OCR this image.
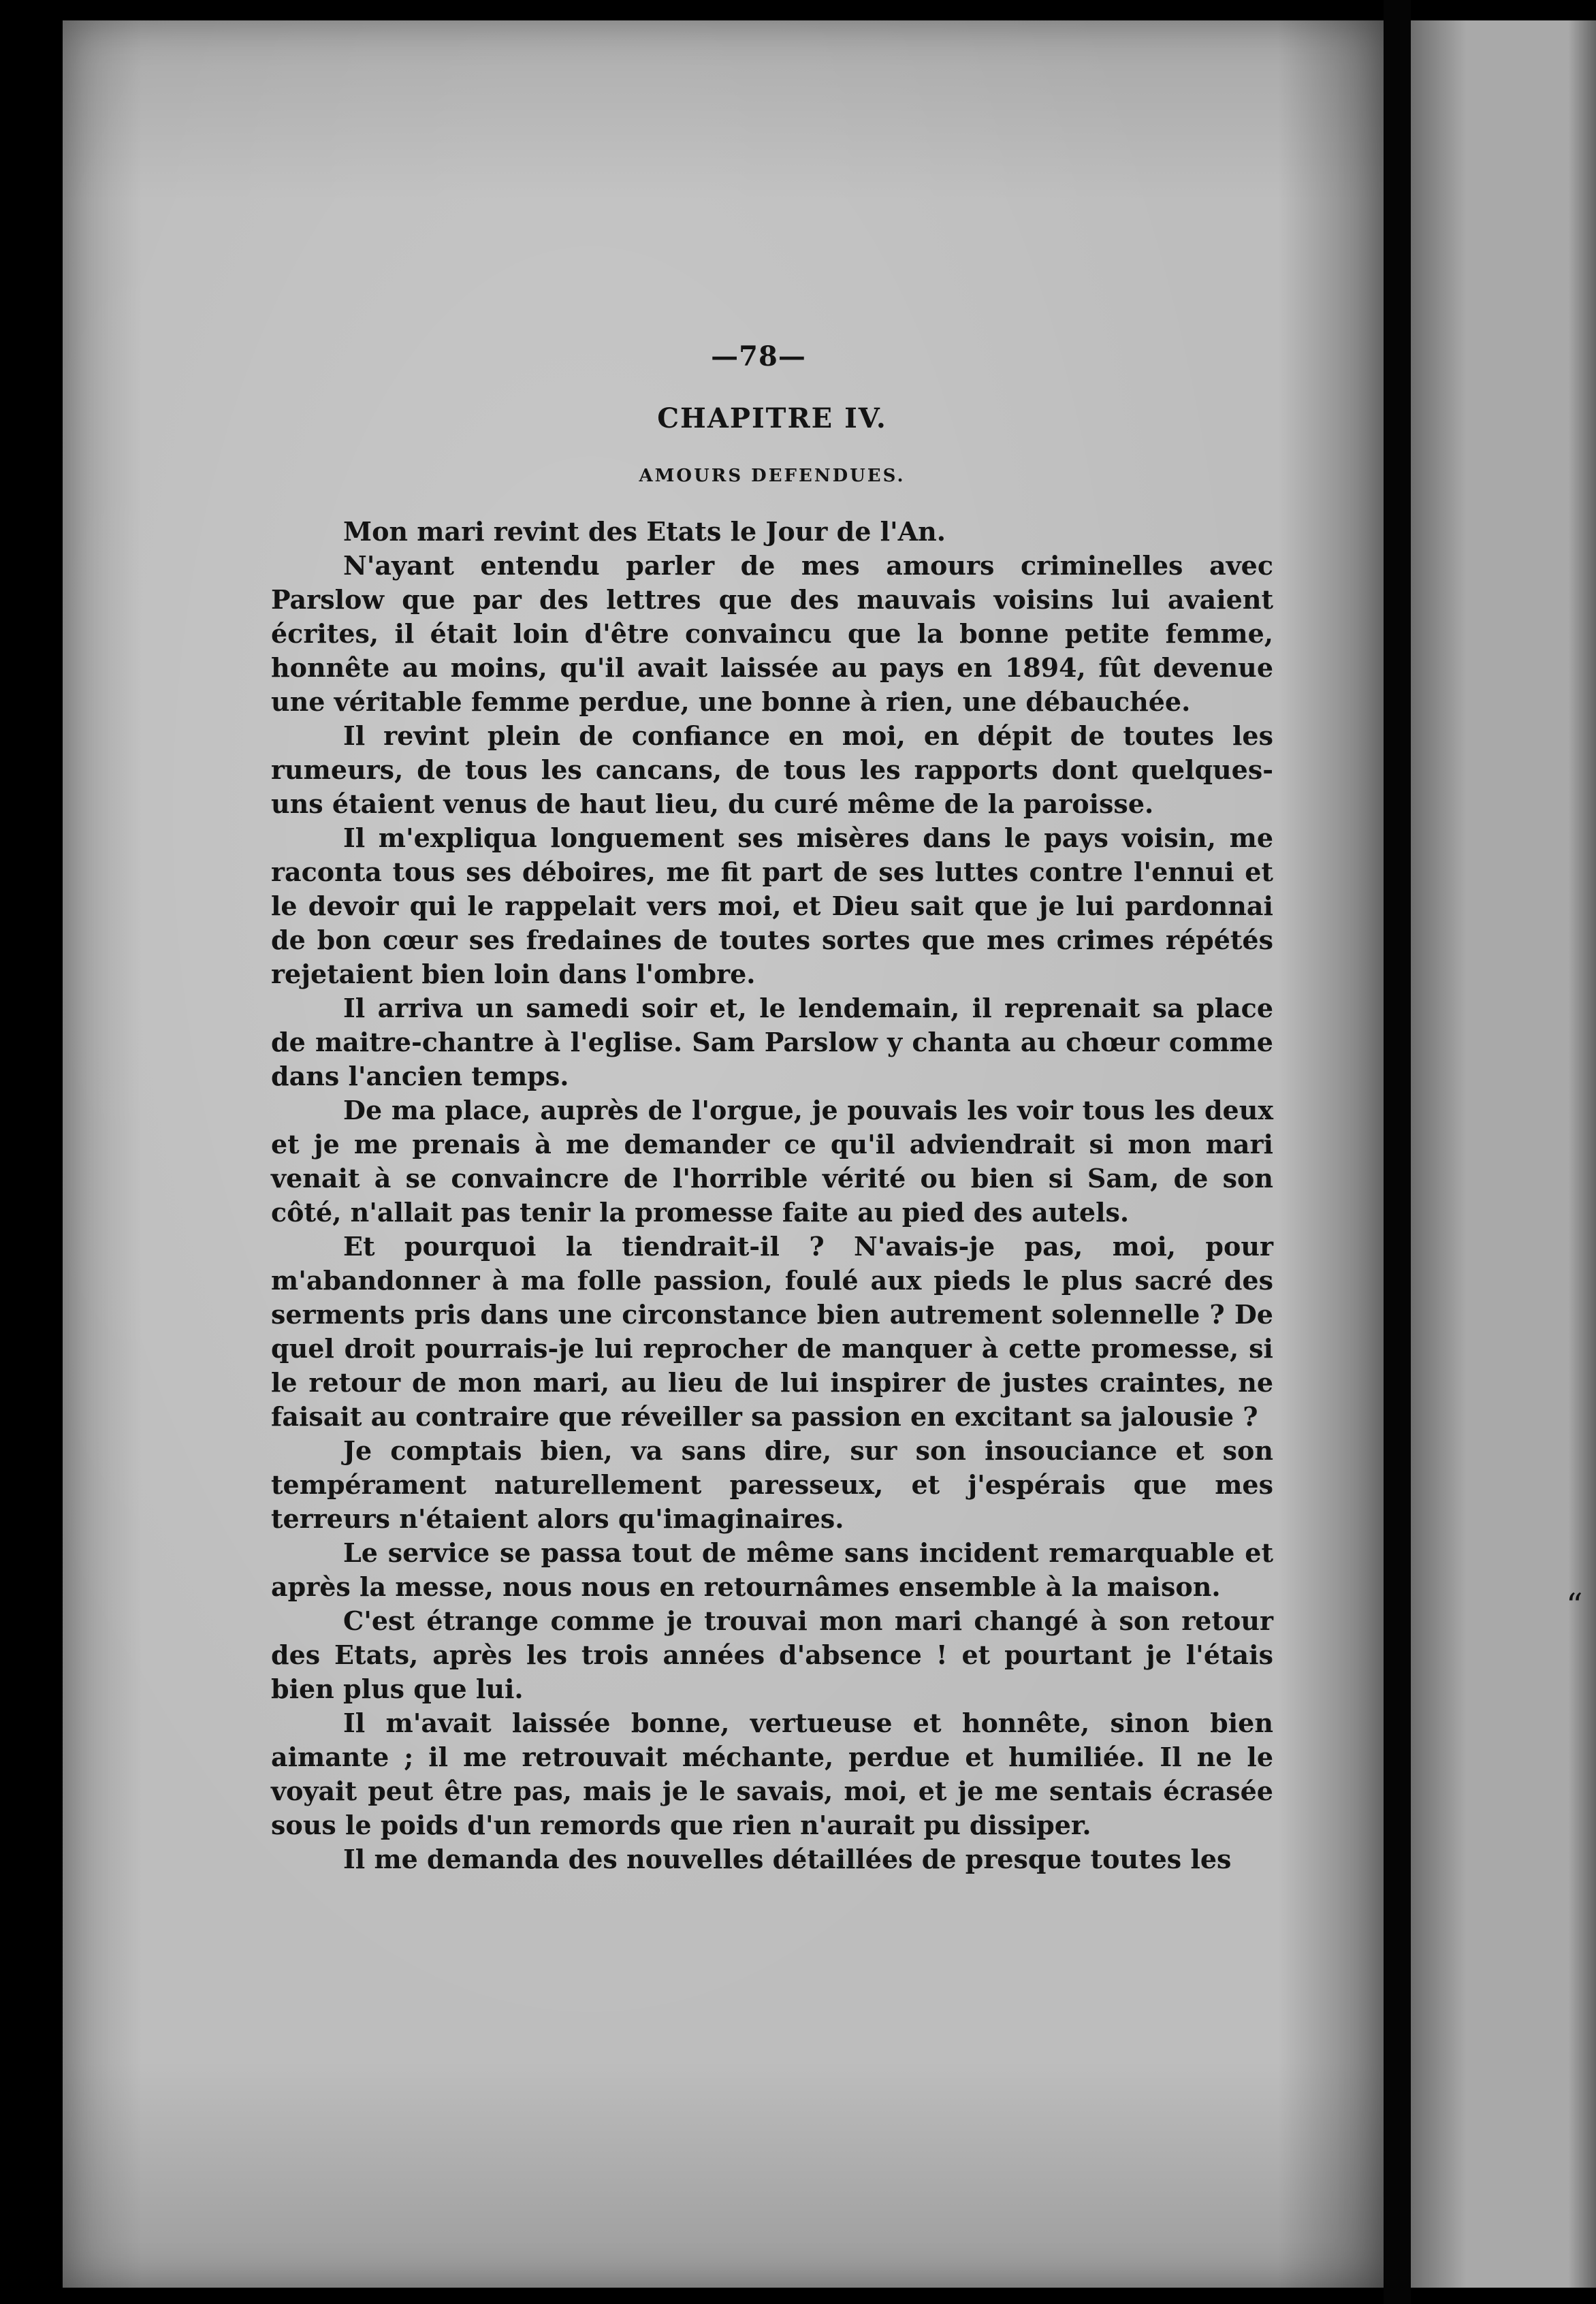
“
—78—
CHAPITRE IV.
AMOURS DEFENDUES.

Mon mari revint des Etats le Jour de l'An.

N'ayant entendu parler de mes amours criminelles avec Parslow que par des lettres que des mauvais voisins lui avaient écrites, il était loin d'être convaincu que la bonne petite femme, honnête au moins, qu'il avait laissée au pays en 1894, fût devenue une véritable femme perdue, une bonne à rien, une débauchée.

Il revint plein de confiance en moi, en dépit de toutes les rumeurs, de tous les cancans, de tous les rapports dont quelques-uns étaient venus de haut lieu, du curé même de la paroisse.

Il m'expliqua longuement ses misères dans le pays voisin, me raconta tous ses déboires, me fit part de ses luttes contre l'ennui et le devoir qui le rappelait vers moi, et Dieu sait que je lui pardonnai de bon cœur ses fredaines de toutes sortes que mes crimes répétés rejetaient bien loin dans l'ombre.

Il arriva un samedi soir et, le lendemain, il reprenait sa place de maitre-chantre à l'eglise. Sam Parslow y chanta au chœur comme dans l'ancien temps.

De ma place, auprès de l'orgue, je pouvais les voir tous les deux et je me prenais à me demander ce qu'il adviendrait si mon mari venait à se convaincre de l'horrible vérité ou bien si Sam, de son côté, n'allait pas tenir la promesse faite au pied des autels.

Et pourquoi la tiendrait-il ? N'avais-je pas, moi, pour m'abandonner à ma folle passion, foulé aux pieds le plus sacré des serments pris dans une circonstance bien autrement solennelle ? De quel droit pourrais-je lui reprocher de manquer à cette promesse, si le retour de mon mari, au lieu de lui inspirer de justes craintes, ne faisait au contraire que réveiller sa passion en excitant sa jalousie ?

Je comptais bien, va sans dire, sur son insouciance et son tempérament naturellement paresseux, et j'espérais que mes terreurs n'étaient alors qu'imaginaires.

Le service se passa tout de même sans incident remarquable et après la messe, nous nous en retournâmes ensemble à la maison.

C'est étrange comme je trouvai mon mari changé à son retour des Etats, après les trois années d'absence ! et pourtant je l'étais bien plus que lui.

Il m'avait laissée bonne, vertueuse et honnête, sinon bien aimante ; il me retrouvait méchante, perdue et humiliée. Il ne le voyait peut être pas, mais je le savais, moi, et je me sentais écrasée sous le poids d'un remords que rien n'aurait pu dissiper.

Il me demanda des nouvelles détaillées de presque toutes les
